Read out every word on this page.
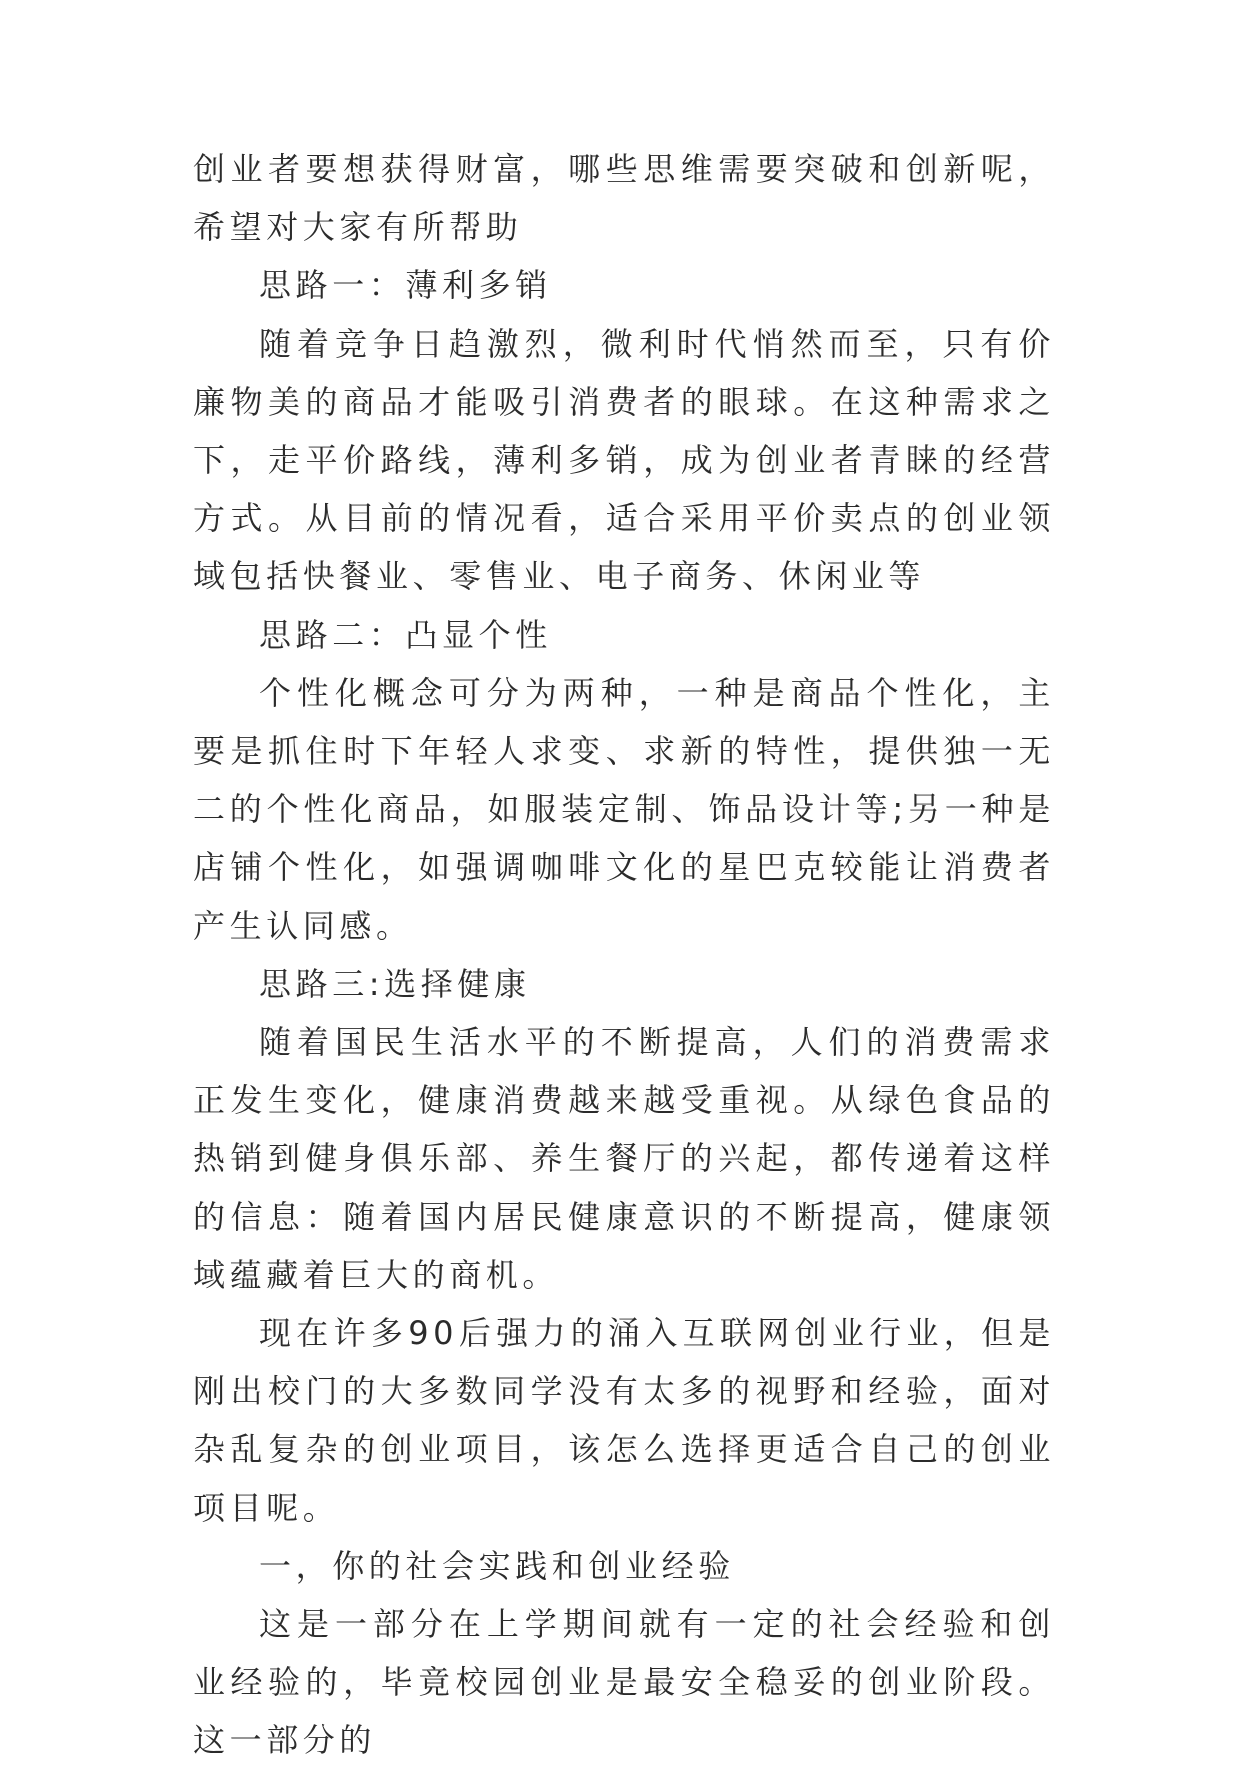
创业者要想获得财富，哪些思维需要突破和创新呢，希望对大家有所帮助

思路一：薄利多销

随着竞争日趋激烈，微利时代悄然而至，只有价廉物美的商品才能吸引消费者的眼球。在这种需求之下，走平价路线，薄利多销，成为创业者青睐的经营方式。从目前的情况看，适合采用平价卖点的创业领域包括快餐业、零售业、电子商务、休闲业等

思路二：凸显个性

个性化概念可分为两种，一种是商品个性化，主要是抓住时下年轻人求变、求新的特性，提供独一无二的个性化商品，如服装定制、饰品设计等;另一种是店铺个性化，如强调咖啡文化的星巴克较能让消费者产生认同感。

思路三:选择健康

随着国民生活水平的不断提高，人们的消费需求正发生变化，健康消费越来越受重视。从绿色食品的热销到健身俱乐部、养生餐厅的兴起，都传递着这样的信息：随着国内居民健康意识的不断提高，健康领域蕴藏着巨大的商机。

现在许多90后强力的涌入互联网创业行业，但是刚出校门的大多数同学没有太多的视野和经验，面对杂乱复杂的创业项目，该怎么选择更适合自己的创业项目呢。

一，你的社会实践和创业经验

这是一部分在上学期间就有一定的社会经验和创业经验的，毕竟校园创业是最安全稳妥的创业阶段。这一部分的
